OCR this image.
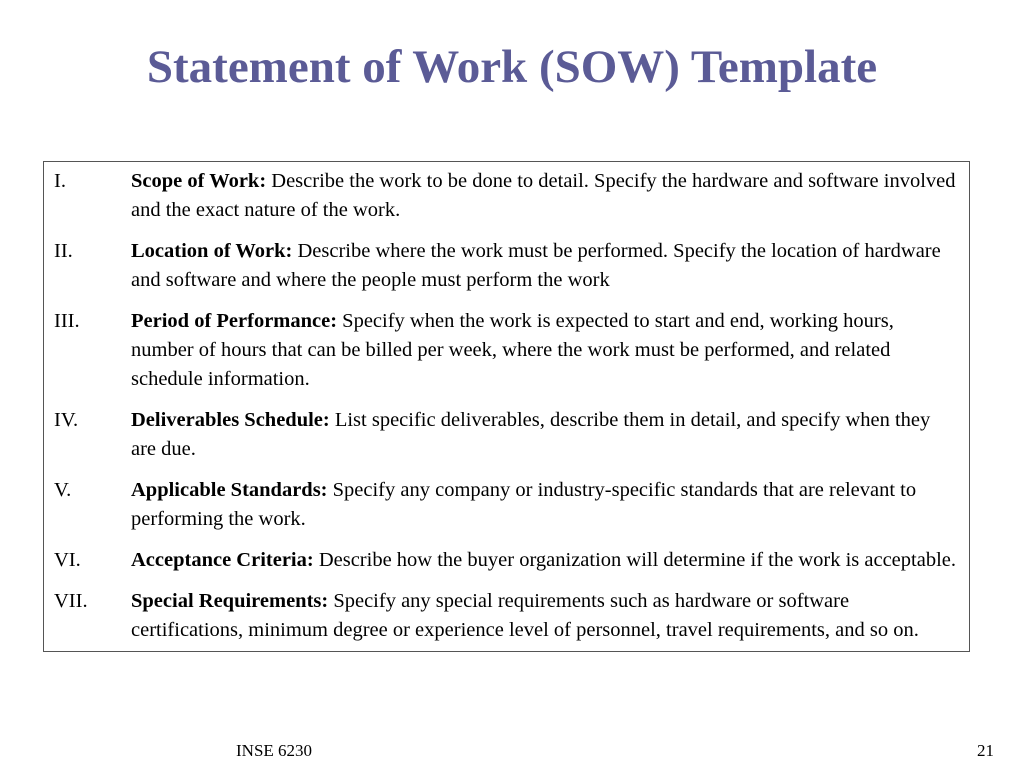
Statement of Work (SOW) Template
I.	Scope of Work: Describe the work to be done to detail. Specify the hardware and software involved and the exact nature of the work.
II.	Location of Work: Describe where the work must be performed. Specify the location of hardware and software and where the people must perform the work
III.	Period of Performance: Specify when the work is expected to start and end, working hours, number of hours that can be billed per week, where the work must be performed, and related schedule information.
IV.	Deliverables Schedule: List specific deliverables, describe them in detail, and specify when they are due.
V.	Applicable Standards: Specify any company or industry-specific standards that are relevant to performing the work.
VI.	Acceptance Criteria: Describe how the buyer organization will determine if the work is acceptable.
VII.	Special Requirements: Specify any special requirements such as hardware or software certifications, minimum degree or experience level of personnel, travel requirements, and so on.
INSE 6230	21
